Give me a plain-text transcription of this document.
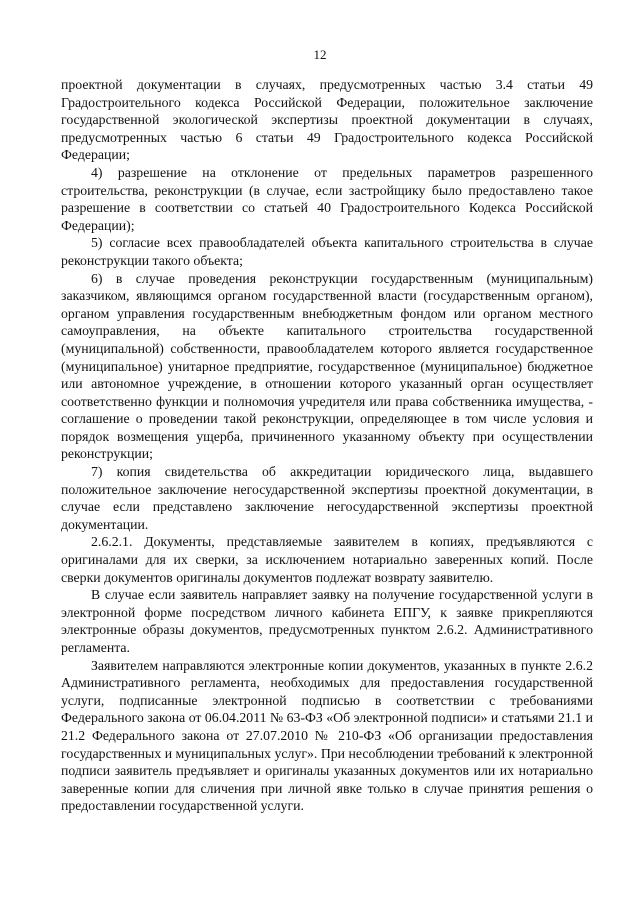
12

проектной документации в случаях, предусмотренных частью 3.4 статьи 49 Градостроительного кодекса Российской Федерации, положительное заключение государственной экологической экспертизы проектной документации в случаях, предусмотренных частью 6 статьи 49 Градостроительного кодекса Российской Федерации;

4) разрешение на отклонение от предельных параметров разрешенного строительства, реконструкции (в случае, если застройщику было предоставлено такое разрешение в соответствии со статьей 40 Градостроительного Кодекса Российской Федерации);

5) согласие всех правообладателей объекта капитального строительства в случае реконструкции такого объекта;

6) в случае проведения реконструкции государственным (муниципальным) заказчиком, являющимся органом государственной власти (государственным органом), органом управления государственным внебюджетным фондом или органом местного самоуправления, на объекте капитального строительства государственной (муниципальной) собственности, правообладателем которого является государственное (муниципальное) унитарное предприятие, государственное (муниципальное) бюджетное или автономное учреждение, в отношении которого указанный орган осуществляет соответственно функции и полномочия учредителя или права собственника имущества, - соглашение о проведении такой реконструкции, определяющее в том числе условия и порядок возмещения ущерба, причиненного указанному объекту при осуществлении реконструкции;

7) копия свидетельства об аккредитации юридического лица, выдавшего положительное заключение негосударственной экспертизы проектной документации, в случае если представлено заключение негосударственной экспертизы проектной документации.

2.6.2.1. Документы, представляемые заявителем в копиях, предъявляются с оригиналами для их сверки, за исключением нотариально заверенных копий. После сверки документов оригиналы документов подлежат возврату заявителю.

В случае если заявитель направляет заявку на получение государственной услуги в электронной форме посредством личного кабинета ЕПГУ, к заявке прикрепляются электронные образы документов, предусмотренных пунктом 2.6.2. Административного регламента.

Заявителем направляются электронные копии документов, указанных в пункте 2.6.2 Административного регламента, необходимых для предоставления государственной услуги, подписанные электронной подписью в соответствии с требованиями Федерального закона от 06.04.2011 № 63-ФЗ «Об электронной подписи» и статьями 21.1 и 21.2 Федерального закона от 27.07.2010 № 210-ФЗ «Об организации предоставления государственных и муниципальных услуг». При несоблюдении требований к электронной подписи заявитель предъявляет и оригиналы указанных документов или их нотариально заверенные копии для сличения при личной явке только в случае принятия решения о предоставлении государственной услуги.
